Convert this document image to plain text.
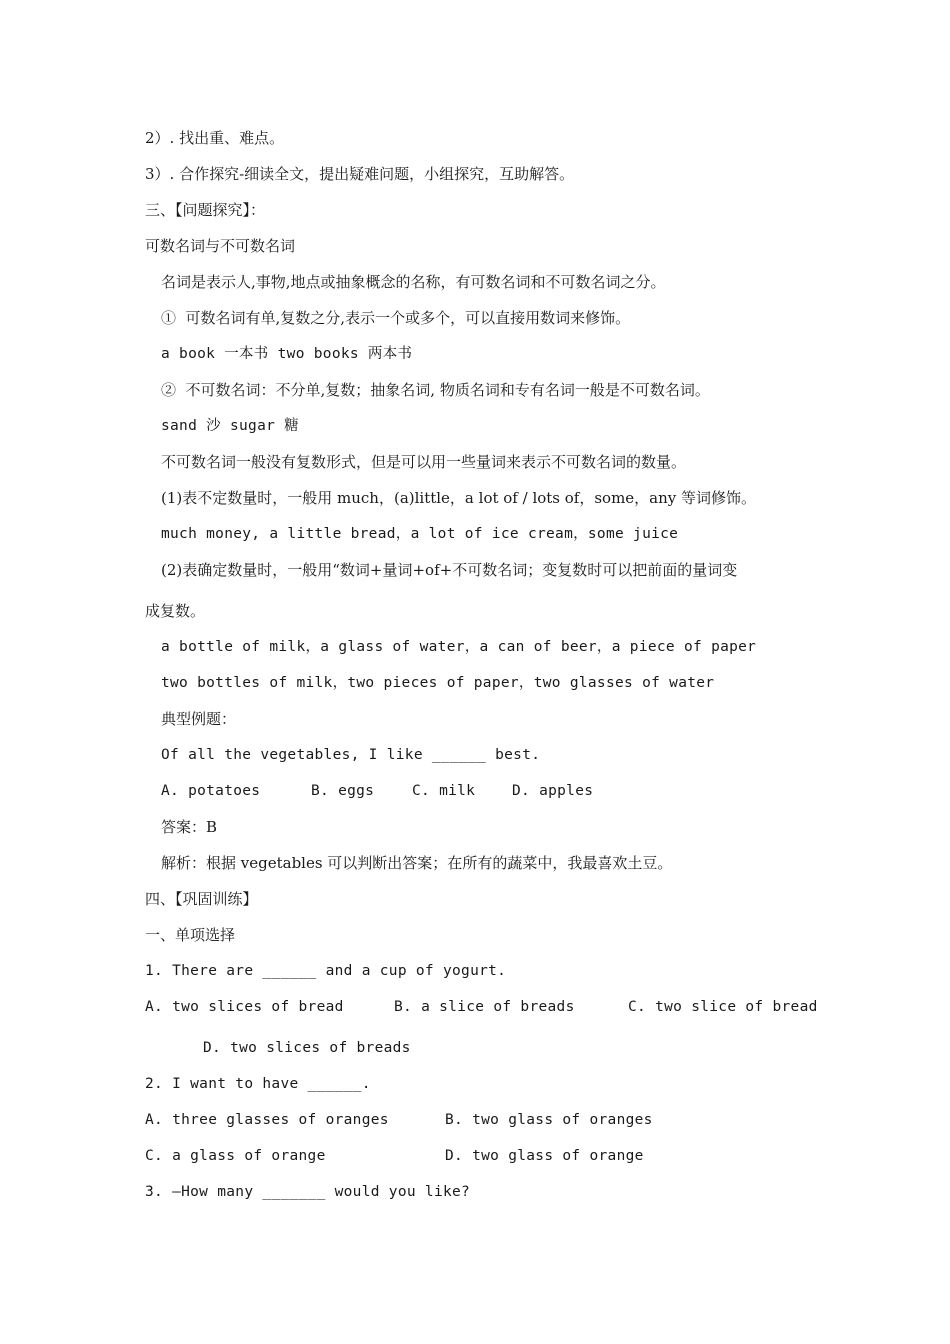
2）. 找出重、难点。
3）. 合作探究-细读全文，提出疑难问题，小组探究，互助解答。
三、【问题探究】：
可数名词与不可数名词
名词是表示人,事物,地点或抽象概念的名称，有可数名词和不可数名词之分。
①  可数名词有单,复数之分,表示一个或多个，可以直接用数词来修饰。
a book 一本书 two books 两本书
②  不可数名词：不分单,复数；抽象名词, 物质名词和专有名词一般是不可数名词。
sand 沙 sugar 糖
不可数名词一般没有复数形式，但是可以用一些量词来表示不可数名词的数量。
(1)表不定数量时，一般用 much，(a)little，a lot of / lots of，some，any 等词修饰。
much money, a little bread，a lot of ice cream，some juice
(2)表确定数量时，一般用“数词+量词+of+不可数名词；变复数时可以把前面的量词变
成复数。
a bottle of milk，a glass of water，a can of beer，a piece of paper
two bottles of milk，two pieces of paper，two glasses of water
典型例题：
Of all the vegetables, I like ______ best.
A. potatoes	B. eggs	C. milk	D. apples
答案：B
解析：根据 vegetables 可以判断出答案；在所有的蔬菜中，我最喜欢土豆。
四、【巩固训练】
一、单项选择
1. There are ______ and a cup of yogurt.
A. two slices of bread	B. a slice of breads	C. two slice of bread
D. two slices of breads
2. I want to have ______.
A. three glasses of oranges	B. two glass of oranges
C. a glass of orange	D. two glass of orange
3. —How many _______ would you like?
